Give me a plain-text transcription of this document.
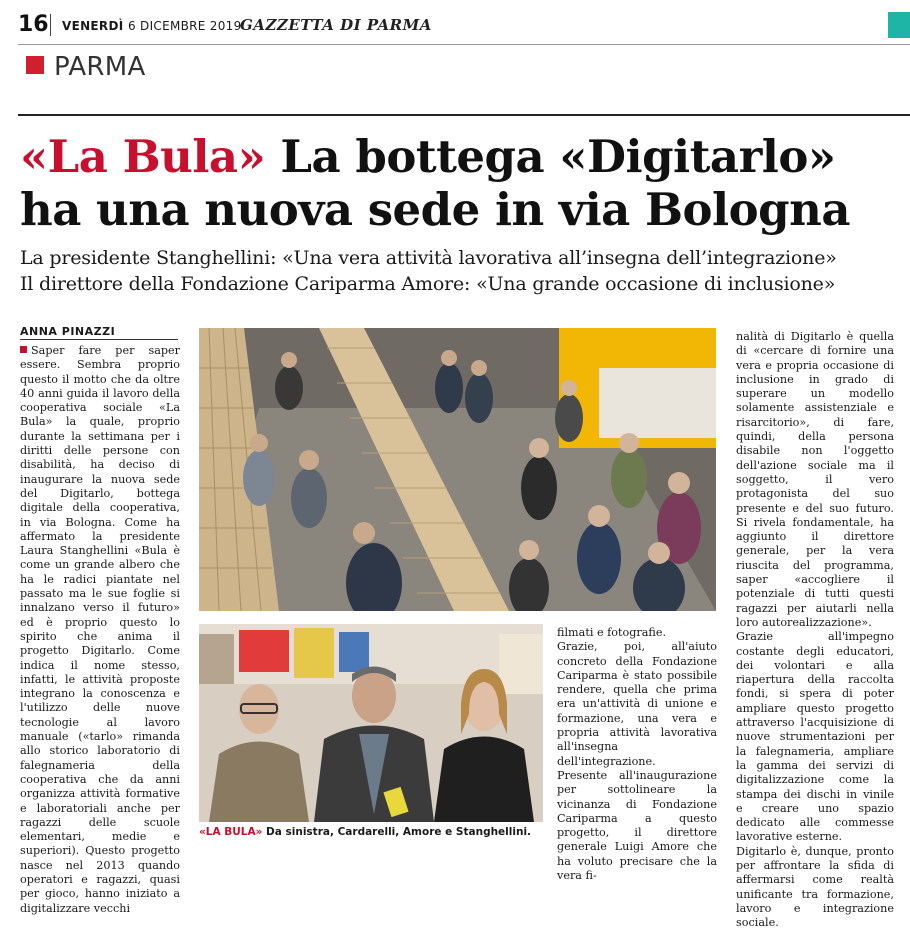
16 VENERDÌ 6 DICEMBRE 2019
GAZZETTA DI PARMA
PARMA
«La Bula» La bottega «Digitarlo»
ha una nuova sede in via Bologna
La presidente Stanghellini: «Una vera attività lavorativa all’insegna dell’integrazione»
Il direttore della Fondazione Cariparma Amore: «Una grande occasione di inclusione»
ANNA PINAZZI

Saper fare per saper essere. Sembra proprio questo il motto che da oltre 40 anni guida il lavoro della cooperativa sociale «La Bula» la quale, proprio durante la settimana per i diritti delle persone con disabilità, ha deciso di inaugurare la nuova sede del Digitarlo, bottega digitale della cooperativa, in via Bologna. Come ha affermato la presidente Laura Stanghellini «Bula è come un grande albero che ha le radici piantate nel passato ma le sue foglie si innalzano verso il futuro» ed è proprio questo lo spirito che anima il progetto Digitarlo. Come indica il nome stesso, infatti, le attività proposte integrano la conoscenza e l'utilizzo delle nuove tecnologie al lavoro manuale («tarlo» rimanda allo storico laboratorio di falegnameria della cooperativa che da anni organizza attività formative e laboratoriali anche per ragazzi delle scuole elementari, medie e superiori). Questo progetto nasce nel 2013 quando operatori e ragazzi, quasi per gioco, hanno iniziato a digitalizzare vecchi

«LA BULA» Da sinistra, Cardarelli, Amore e Stanghellini.

filmati e fotografie.

Grazie, poi, all'aiuto concreto della Fondazione Cariparma è stato possibile rendere, quella che prima era un'attività di unione e formazione, una vera e propria attività lavorativa all'insegna dell'integrazione.

Presente all'inaugurazione per sottolineare la vicinanza di Fondazione Cariparma a questo progetto, il direttore generale Luigi Amore che ha voluto precisare che la vera fi-

nalità di Digitarlo è quella di «cercare di fornire una vera e propria occasione di inclusione in grado di superare un modello solamente assistenziale e risarcitorio», di fare, quindi, della persona disabile non l'oggetto dell'azione sociale ma il soggetto, il vero protagonista del suo presente e del suo futuro. Si rivela fondamentale, ha aggiunto il direttore generale, per la vera riuscita del programma, saper «accogliere il potenziale di tutti questi ragazzi per aiutarli nella loro autorealizzazione».

Grazie all'impegno costante degli educatori, dei volontari e alla riapertura della raccolta fondi, si spera di poter ampliare questo progetto attraverso l'acquisizione di nuove strumentazioni per la falegnameria, ampliare la gamma dei servizi di digitalizzazione come la stampa dei dischi in vinile e creare uno spazio dedicato alle commesse lavorative esterne.

Digitarlo è, dunque, pronto per affrontare la sfida di affermarsi come realtà unificante tra formazione, lavoro e integrazione sociale.
